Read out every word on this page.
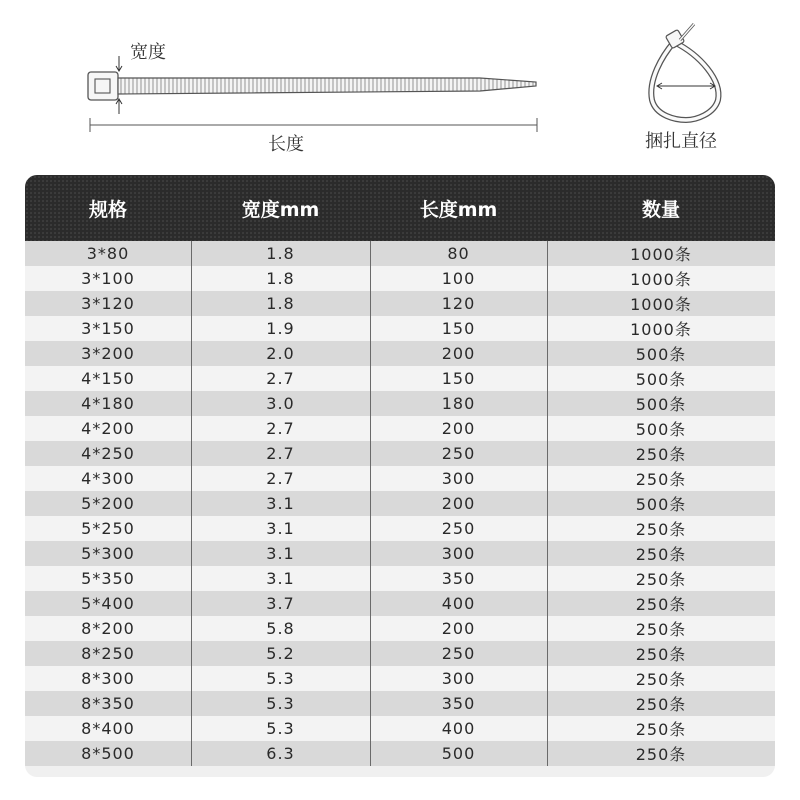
宽度
长度	捆扎直径
规格	宽度mm	长度mm	数量
3*80	1.8	80	1000条
3*100	1.8	100	1000条
3*120	1.8	120	1000条
3*150	1.9	150	1000条
3*200	2.0	200	500条
4*150	2.7	150	500条
4*180	3.0	180	500条
4*200	2.7	200	500条
4*250	2.7	250	250条
4*300	2.7	300	250条
5*200	3.1	200	500条
5*250	3.1	250	250条
5*300	3.1	300	250条
5*350	3.1	350	250条
5*400	3.7	400	250条
8*200	5.8	200	250条
8*250	5.2	250	250条
8*300	5.3	300	250条
8*350	5.3	350	250条
8*400	5.3	400	250条
8*500	6.3	500	250条
